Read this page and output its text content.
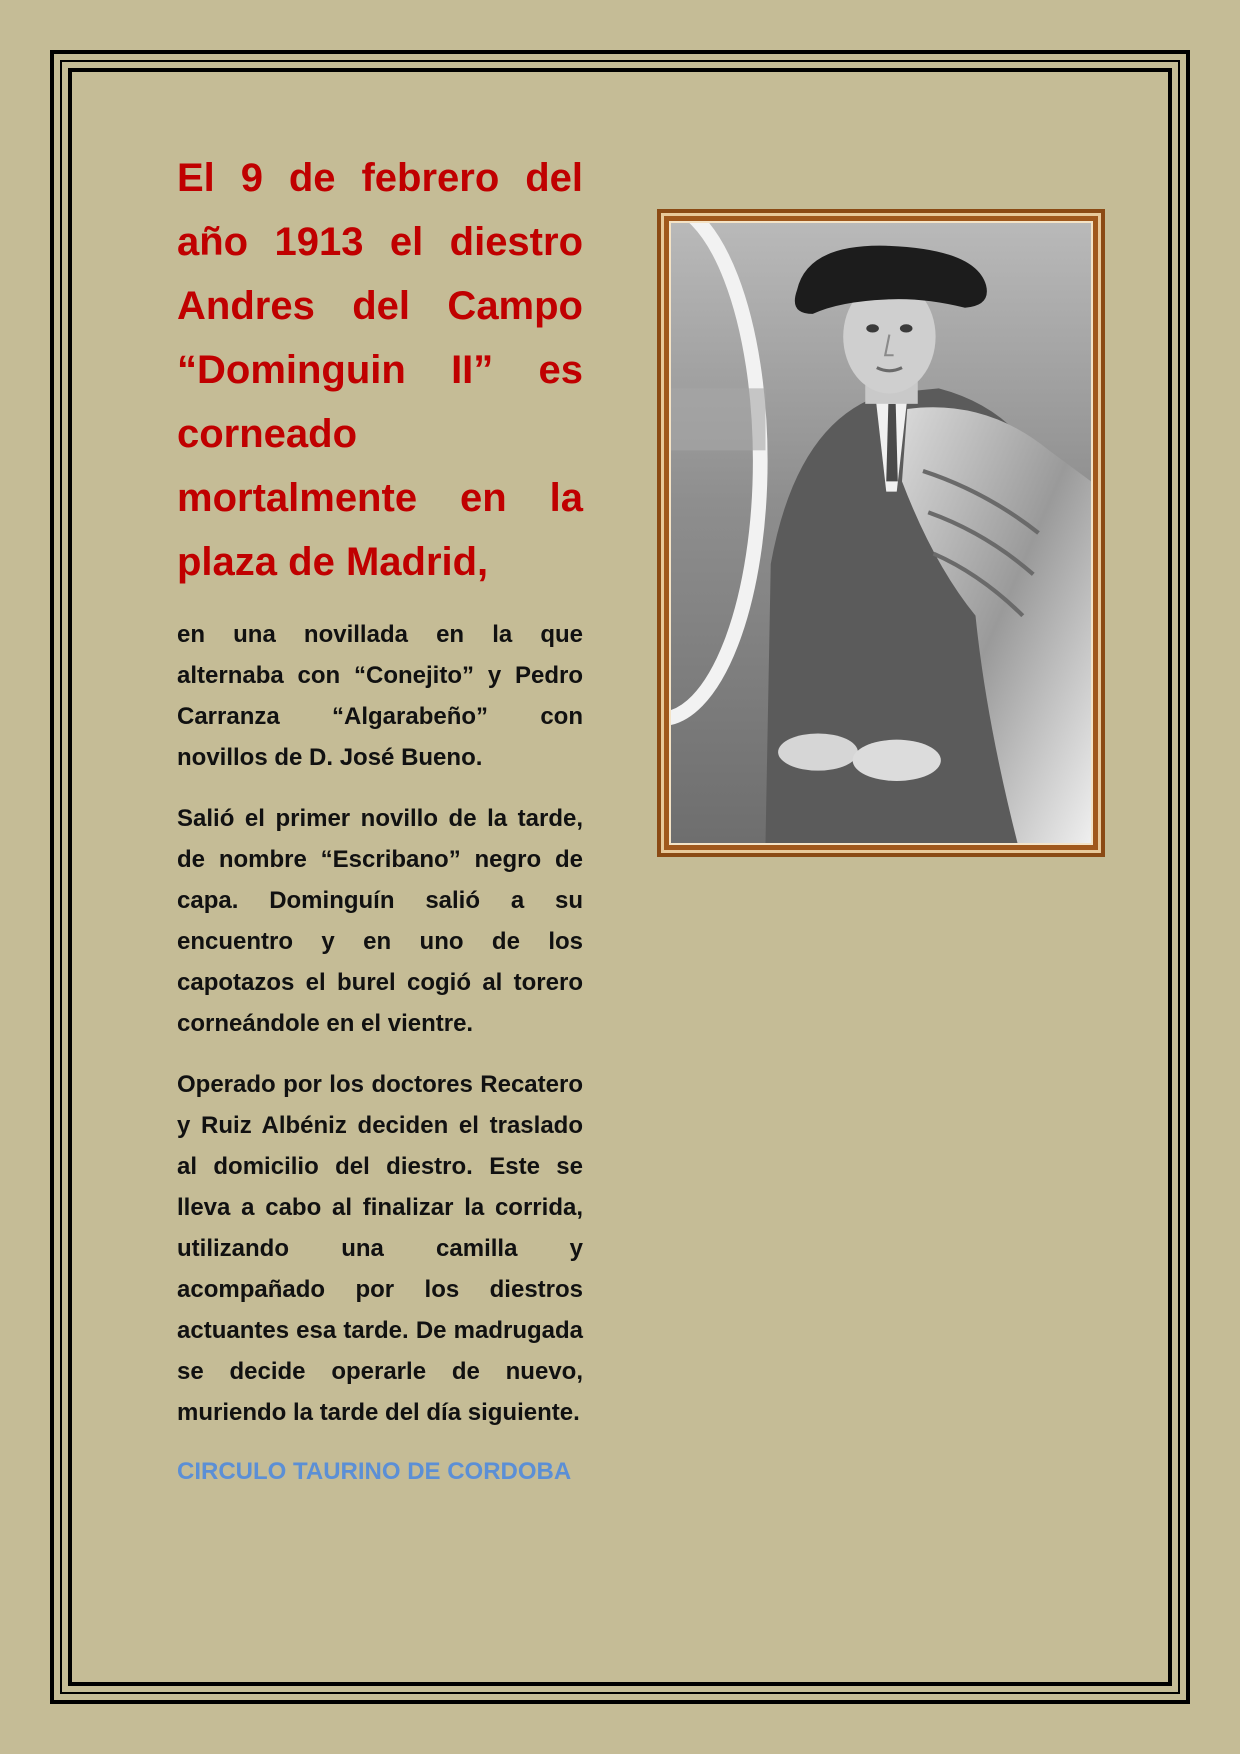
El 9 de febrero del año 1913 el diestro Andres del Campo “Dominguin II” es corneado mortalmente en la plaza de Madrid,

en una novillada en la que alternaba con “Conejito” y Pedro Carranza “Algarabeño” con novillos de D. José Bueno.

Salió el primer novillo de la tarde, de nombre “Escribano” negro de capa. Dominguín salió a su encuentro y en uno de los capotazos el burel cogió al torero corneándole en el vientre.

Operado por los doctores Recatero y Ruiz Albéniz deciden el traslado al domicilio del diestro. Este se lleva a cabo al finalizar la corrida, utilizando una camilla y acompañado por los diestros actuantes esa tarde. De madrugada se decide operarle de nuevo, muriendo la tarde del día siguiente.

CIRCULO TAURINO DE CORDOBA
